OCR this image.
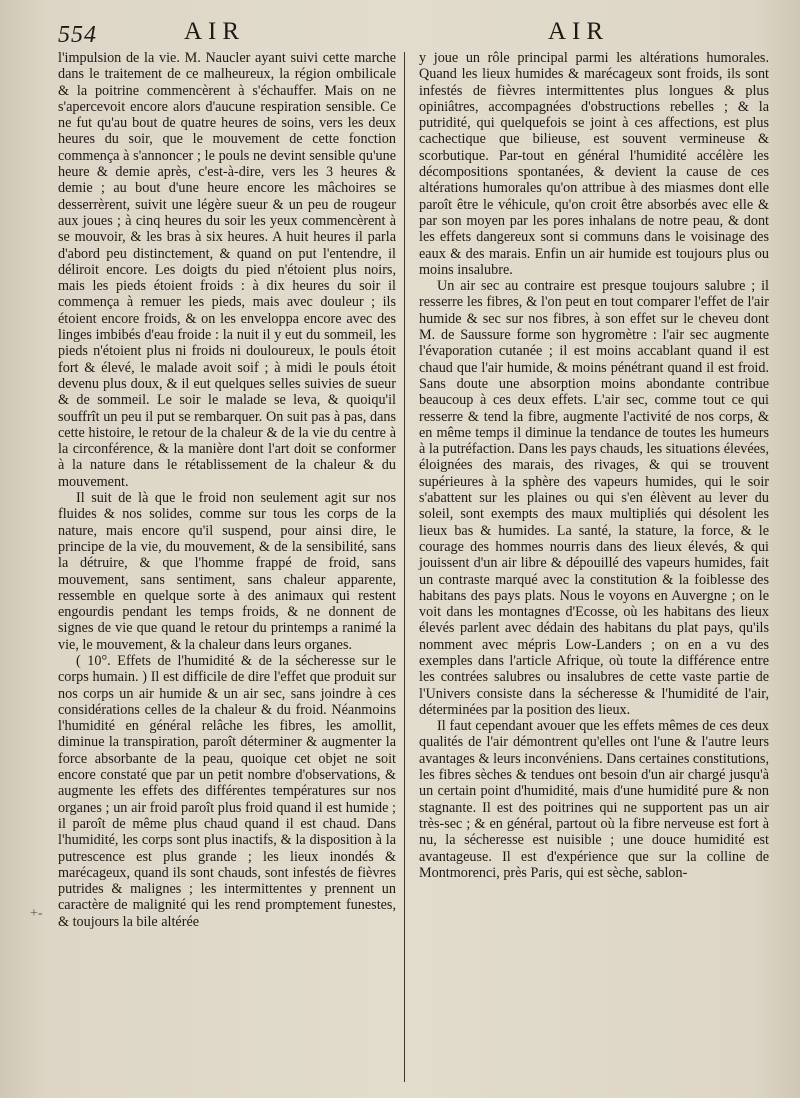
554	AIR	AIR
+-

l'impulsion de la vie. M. Naucler ayant suivi cette marche dans le traitement de ce malheureux, la région ombilicale & la poitrine commencèrent à s'échauffer. Mais on ne s'apercevoit encore alors d'aucune respiration sensible. Ce ne fut qu'au bout de quatre heures de soins, vers les deux heures du soir, que le mouvement de cette fonction commença à s'annoncer ; le pouls ne devint sensible qu'une heure & demie après, c'est-à-dire, vers les 3 heures & demie ; au bout d'une heure encore les mâchoires se desserrèrent, suivit une légère sueur & un peu de rougeur aux joues ; à cinq heures du soir les yeux commencèrent à se mouvoir, & les bras à six heures. A huit heures il parla d'abord peu distinctement, & quand on put l'entendre, il déliroit encore. Les doigts du pied n'étoient plus noirs, mais les pieds étoient froids : à dix heures du soir il commença à remuer les pieds, mais avec douleur ; ils étoient encore froids, & on les enveloppa encore avec des linges imbibés d'eau froide : la nuit il y eut du sommeil, les pieds n'étoient plus ni froids ni douloureux, le pouls étoit fort & élevé, le malade avoit soif ; à midi le pouls étoit devenu plus doux, & il eut quelques selles suivies de sueur & de sommeil. Le soir le malade se leva, & quoiqu'il souffrît un peu il put se rembarquer. On suit pas à pas, dans cette histoire, le retour de la chaleur & de la vie du centre à la circonférence, & la manière dont l'art doit se conformer à la nature dans le rétablissement de la chaleur & du mouvement.

Il suit de là que le froid non seulement agit sur nos fluides & nos solides, comme sur tous les corps de la nature, mais encore qu'il suspend, pour ainsi dire, le principe de la vie, du mouvement, & de la sensibilité, sans la détruire, & que l'homme frappé de froid, sans mouvement, sans sentiment, sans chaleur apparente, ressemble en quelque sorte à des animaux qui restent engourdis pendant les temps froids, & ne donnent de signes de vie que quand le retour du printemps a ranimé la vie, le mouvement, & la chaleur dans leurs organes.

( 10°. Effets de l'humidité & de la sécheresse sur le corps humain. ) Il est difficile de dire l'effet que produit sur nos corps un air humide & un air sec, sans joindre à ces considérations celles de la chaleur & du froid. Néanmoins l'humidité en général relâche les fibres, les amollit, diminue la transpiration, paroît déterminer & augmenter la force absorbante de la peau, quoique cet objet ne soit encore constaté que par un petit nombre d'observations, & augmente les effets des différentes températures sur nos organes ; un air froid paroît plus froid quand il est humide ; il paroît de même plus chaud quand il est chaud. Dans l'humidité, les corps sont plus inactifs, & la disposition à la putrescence est plus grande ; les lieux inondés & marécageux, quand ils sont chauds, sont infestés de fièvres putrides & malignes ; les intermittentes y prennent un caractère de malignité qui les rend promptement funestes, & toujours la bile altérée

y joue un rôle principal parmi les altérations humorales. Quand les lieux humides & marécageux sont froids, ils sont infestés de fièvres intermittentes plus longues & plus opiniâtres, accompagnées d'obstructions rebelles ; & la putridité, qui quelquefois se joint à ces affections, est plus cachectique que bilieuse, est souvent vermineuse & scorbutique. Par-tout en général l'humidité accélère les décompositions spontanées, & devient la cause de ces altérations humorales qu'on attribue à des miasmes dont elle paroît être le véhicule, qu'on croit être absorbés avec elle & par son moyen par les pores inhalans de notre peau, & dont les effets dangereux sont si communs dans le voisinage des eaux & des marais. Enfin un air humide est toujours plus ou moins insalubre.

Un air sec au contraire est presque toujours salubre ; il resserre les fibres, & l'on peut en tout comparer l'effet de l'air humide & sec sur nos fibres, à son effet sur le cheveu dont M. de Saussure forme son hygromètre : l'air sec augmente l'évaporation cutanée ; il est moins accablant quand il est chaud que l'air humide, & moins pénétrant quand il est froid. Sans doute une absorption moins abondante contribue beaucoup à ces deux effets. L'air sec, comme tout ce qui resserre & tend la fibre, augmente l'activité de nos corps, & en même temps il diminue la tendance de toutes les humeurs à la putréfaction. Dans les pays chauds, les situations élevées, éloignées des marais, des rivages, & qui se trouvent supérieures à la sphère des vapeurs humides, qui le soir s'abattent sur les plaines ou qui s'en élèvent au lever du soleil, sont exempts des maux multipliés qui désolent les lieux bas & humides. La santé, la stature, la force, & le courage des hommes nourris dans des lieux élevés, & qui jouissent d'un air libre & dépouillé des vapeurs humides, fait un contraste marqué avec la constitution & la foiblesse des habitans des pays plats. Nous le voyons en Auvergne ; on le voit dans les montagnes d'Ecosse, où les habitans des lieux élevés parlent avec dédain des habitans du plat pays, qu'ils nomment avec mépris Low-Landers ; on en a vu des exemples dans l'article Afrique, où toute la différence entre les contrées salubres ou insalubres de cette vaste partie de l'Univers consiste dans la sécheresse & l'humidité de l'air, déterminées par la position des lieux.

Il faut cependant avouer que les effets mêmes de ces deux qualités de l'air démontrent qu'elles ont l'une & l'autre leurs avantages & leurs inconvéniens. Dans certaines constitutions, les fibres sèches & tendues ont besoin d'un air chargé jusqu'à un certain point d'humidité, mais d'une humidité pure & non stagnante. Il est des poitrines qui ne supportent pas un air très-sec ; & en général, partout où la fibre nerveuse est fort à nu, la sécheresse est nuisible ; une douce humidité est avantageuse. Il est d'expérience que sur la colline de Montmorenci, près Paris, qui est sèche, sablon-
